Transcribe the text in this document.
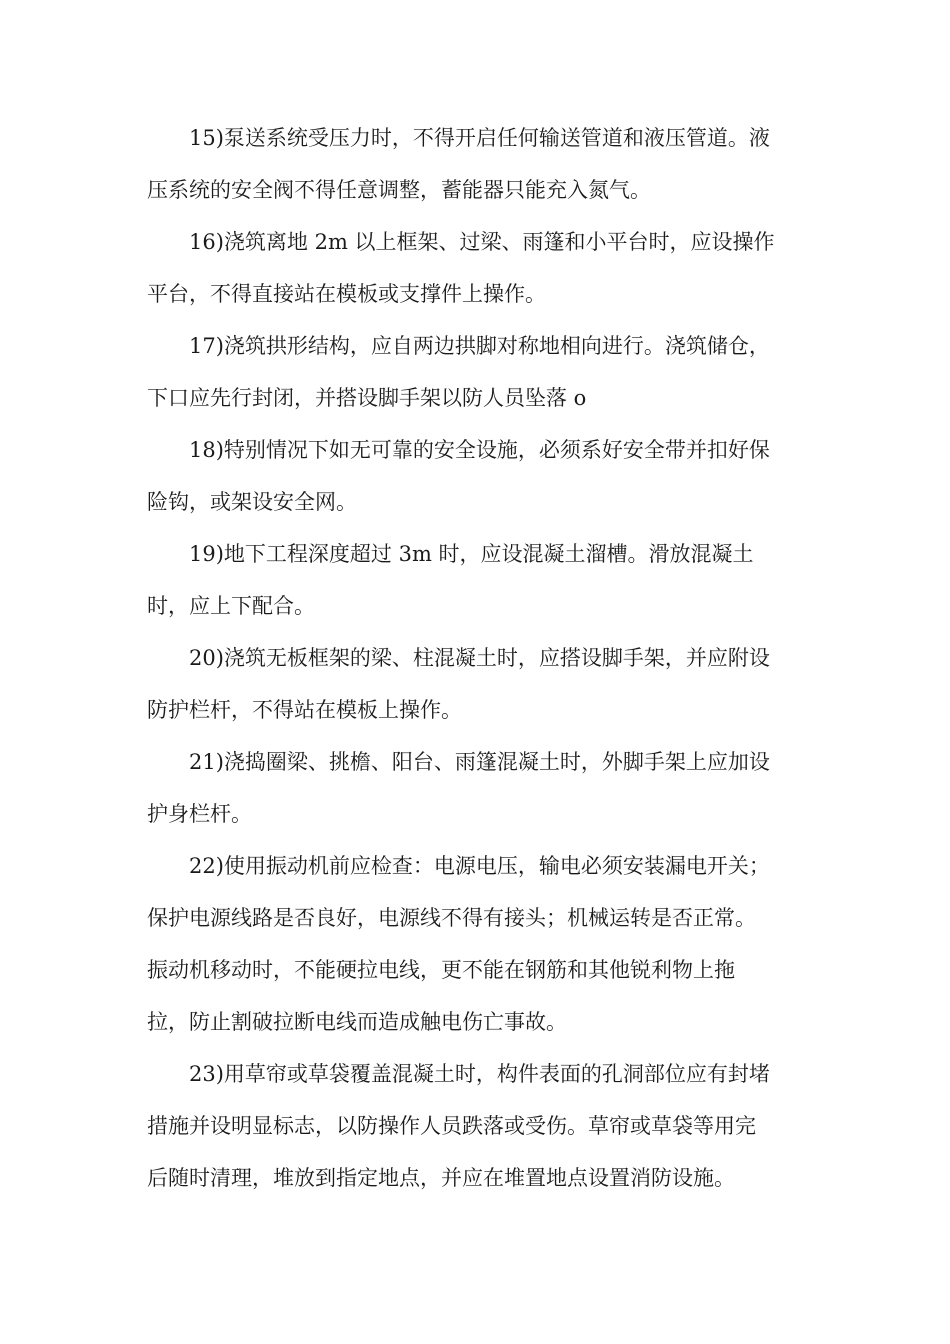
15)泵送系统受压力时，不得开启任何输送管道和液压管道。液
压系统的安全阀不得任意调整，蓄能器只能充入氮气。
16)浇筑离地 2m 以上框架、过梁、雨篷和小平台时，应设操作
平台，不得直接站在模板或支撑件上操作。
17)浇筑拱形结构，应自两边拱脚对称地相向进行。浇筑储仓，
下口应先行封闭，并搭设脚手架以防人员坠落 o
18)特别情况下如无可靠的安全设施，必须系好安全带并扣好保
险钩，或架设安全网。
19)地下工程深度超过 3m 时，应设混凝土溜槽。滑放混凝土
时，应上下配合。
20)浇筑无板框架的梁、柱混凝土时，应搭设脚手架，并应附设
防护栏杆，不得站在模板上操作。
21)浇捣圈梁、挑檐、阳台、雨篷混凝土时，外脚手架上应加设
护身栏杆。
22)使用振动机前应检查：电源电压，输电必须安装漏电开关；
保护电源线路是否良好，电源线不得有接头；机械运转是否正常。
振动机移动时，不能硬拉电线，更不能在钢筋和其他锐利物上拖
拉，防止割破拉断电线而造成触电伤亡事故。
23)用草帘或草袋覆盖混凝土时，构件表面的孔洞部位应有封堵
措施并设明显标志，以防操作人员跌落或受伤。草帘或草袋等用完
后随时清理，堆放到指定地点，并应在堆置地点设置消防设施。
